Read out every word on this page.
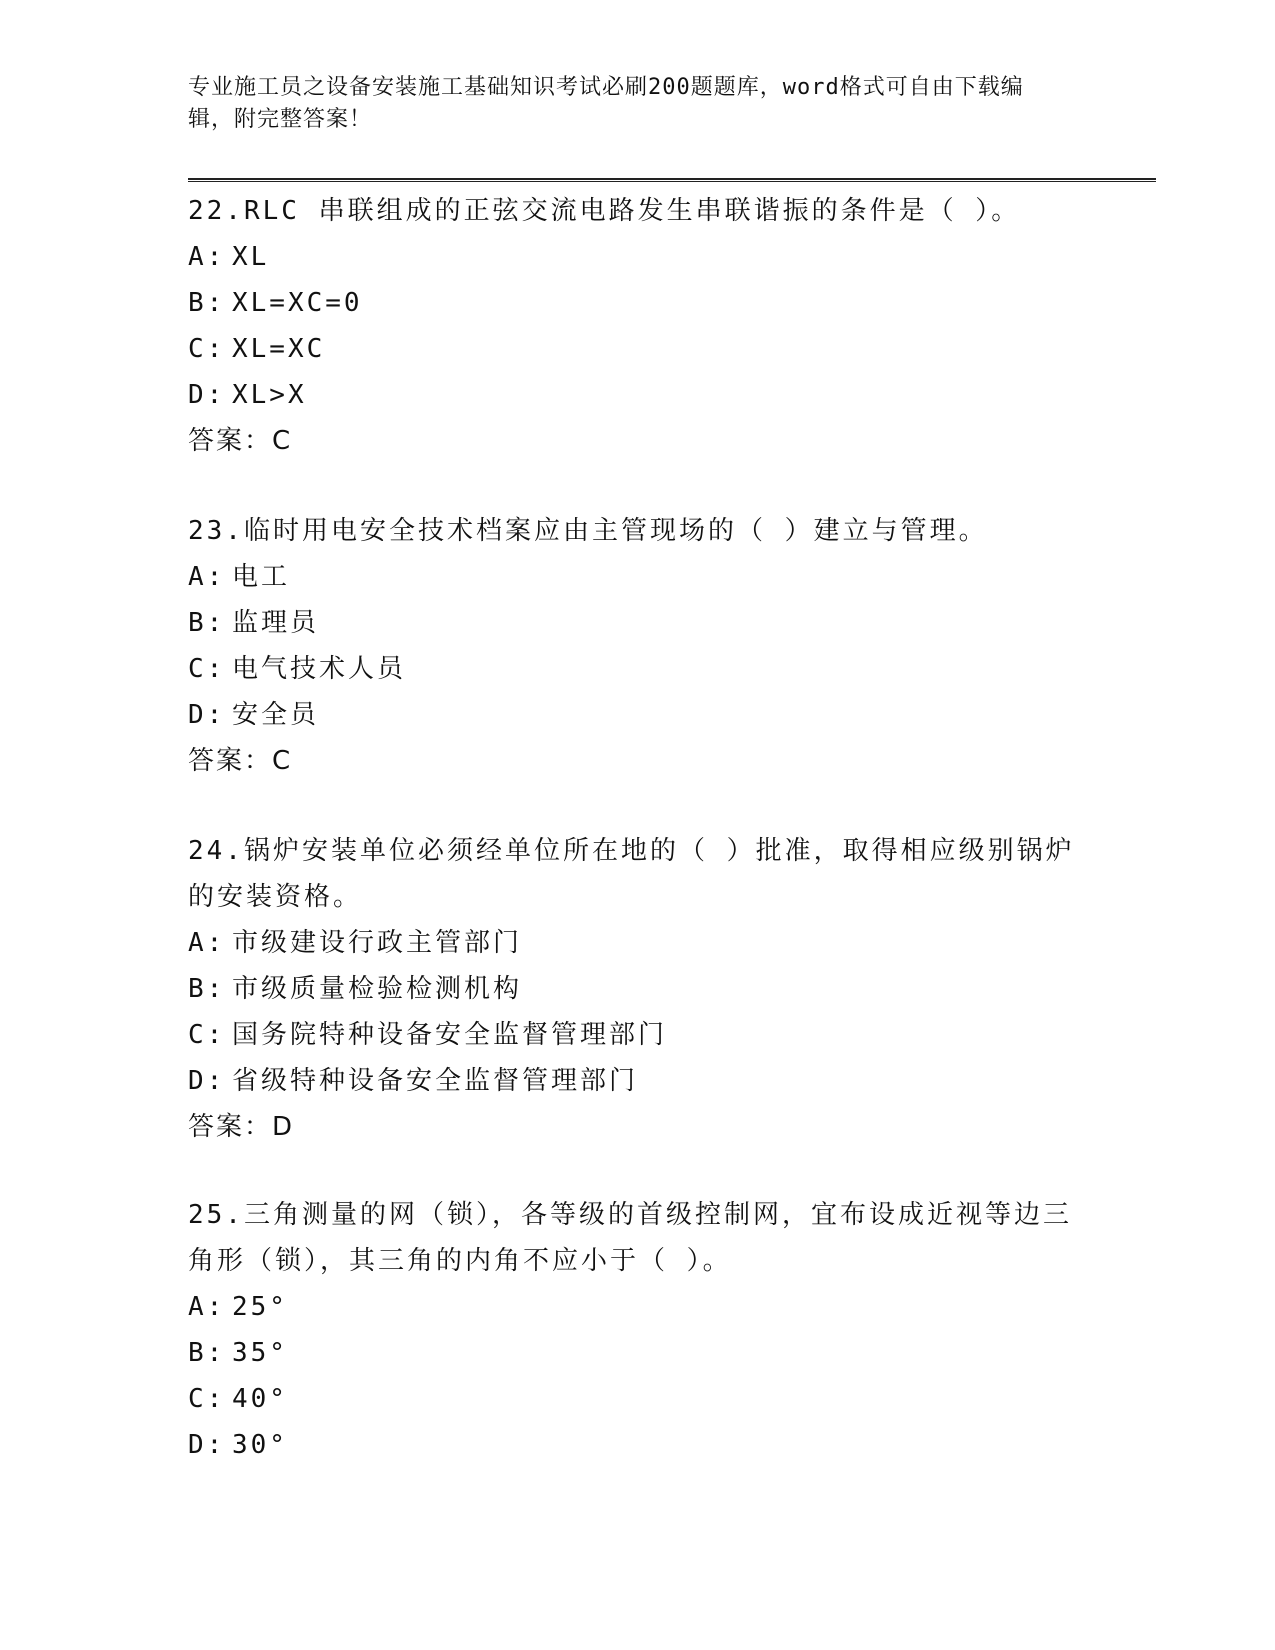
专业施工员之设备安装施工基础知识考试必刷200题题库，word格式可自由下载编辑，附完整答案！

22.RLC 串联组成的正弦交流电路发生串联谐振的条件是（ ）。

A: XL

B: XL=XC=0

C: XL=XC

D: XL>X

答案：C

23.临时用电安全技术档案应由主管现场的（ ）建立与管理。

A: 电工

B: 监理员

C: 电气技术人员

D: 安全员

答案：C

24.锅炉安装单位必须经单位所在地的（ ）批准，取得相应级别锅炉的安装资格。

A: 市级建设行政主管部门

B: 市级质量检验检测机构

C: 国务院特种设备安全监督管理部门

D: 省级特种设备安全监督管理部门

答案：D

25.三角测量的网（锁），各等级的首级控制网，宜布设成近视等边三角形（锁），其三角的内角不应小于（ ）。

A: 25°

B: 35°

C: 40°

D: 30°
